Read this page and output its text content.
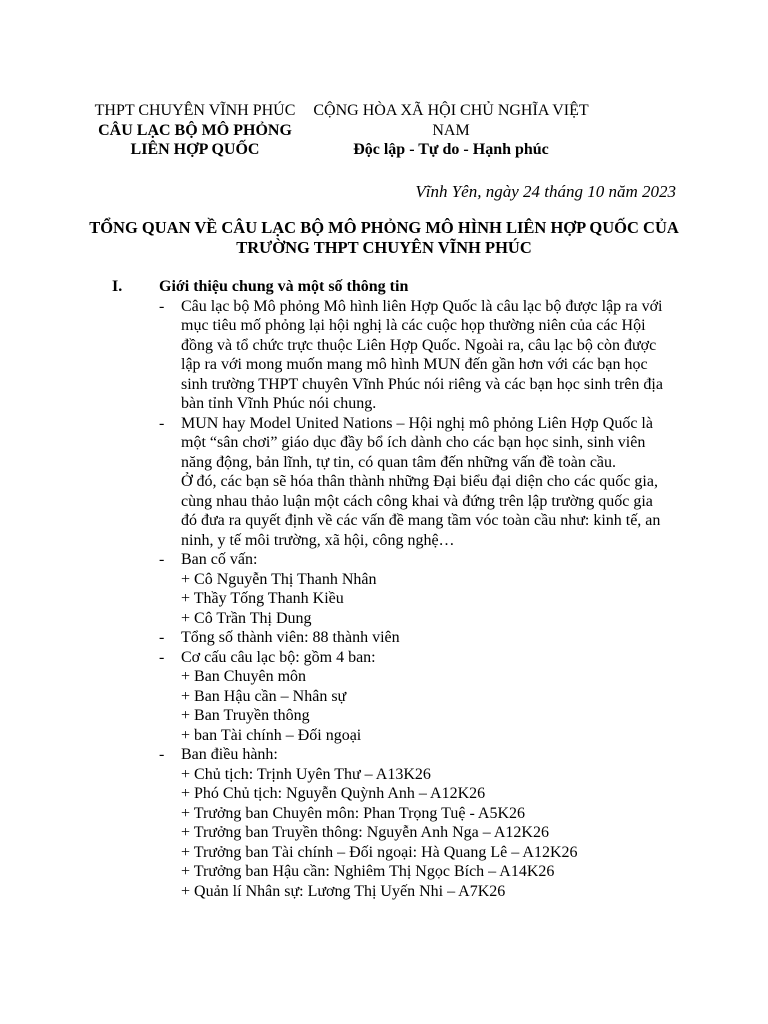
THPT CHUYÊN VĨNH PHÚC
CÂU LẠC BỘ MÔ PHỎNG
LIÊN HỢP QUỐC
CỘNG HÒA XÃ HỘI CHỦ NGHĨA VIỆT NAM
Độc lập - Tự do - Hạnh phúc
Vĩnh Yên, ngày 24 tháng 10 năm 2023
TỔNG QUAN VỀ CÂU LẠC BỘ MÔ PHỎNG MÔ HÌNH LIÊN HỢP QUỐC CỦA
TRƯỜNG THPT CHUYÊN VĨNH PHÚC
I. Giới thiệu chung và một số thông tin
- Câu lạc bộ Mô phỏng Mô hình liên Hợp Quốc là câu lạc bộ được lập ra với
mục tiêu mố phỏng lại hội nghị là các cuộc họp thường niên của các Hội
đồng và tổ chức trực thuộc Liên Hợp Quốc. Ngoài ra, câu lạc bộ còn được
lập ra với mong muốn mang mô hình MUN đến gần hơn với các bạn học
sinh trường THPT chuyên Vĩnh Phúc nói riêng và các bạn học sinh trên địa
bàn tỉnh Vĩnh Phúc nói chung.
- MUN hay Model United Nations – Hội nghị mô phỏng Liên Hợp Quốc là
một “sân chơi” giáo dục đầy bổ ích dành cho các bạn học sinh, sinh viên
năng động, bản lĩnh, tự tin, có quan tâm đến những vấn đề toàn cầu.
Ở đó, các bạn sẽ hóa thân thành những Đại biểu đại diện cho các quốc gia,
cùng nhau thảo luận một cách công khai và đứng trên lập trường quốc gia
đó đưa ra quyết định về các vấn đề mang tầm vóc toàn cầu như: kinh tế, an
ninh, y tế môi trường, xã hội, công nghệ…
- Ban cố vấn:
+ Cô Nguyễn Thị Thanh Nhân
+ Thầy Tống Thanh Kiều
+ Cô Trần Thị Dung
- Tổng số thành viên: 88 thành viên
- Cơ cấu câu lạc bộ: gồm 4 ban:
+ Ban Chuyên môn
+ Ban Hậu cần – Nhân sự
+ Ban Truyền thông
+ ban Tài chính – Đối ngoại
- Ban điều hành:
+ Chủ tịch: Trịnh Uyên Thư – A13K26
+ Phó Chủ tịch: Nguyễn Quỳnh Anh – A12K26
+ Trưởng ban Chuyên môn: Phan Trọng Tuệ - A5K26
+ Trưởng ban Truyền thông: Nguyễn Anh Nga – A12K26
+ Trưởng ban Tài chính – Đối ngoại: Hà Quang Lê – A12K26
+ Trưởng ban Hậu cần: Nghiêm Thị Ngọc Bích – A14K26
+ Quản lí Nhân sự: Lương Thị Uyến Nhi – A7K26
